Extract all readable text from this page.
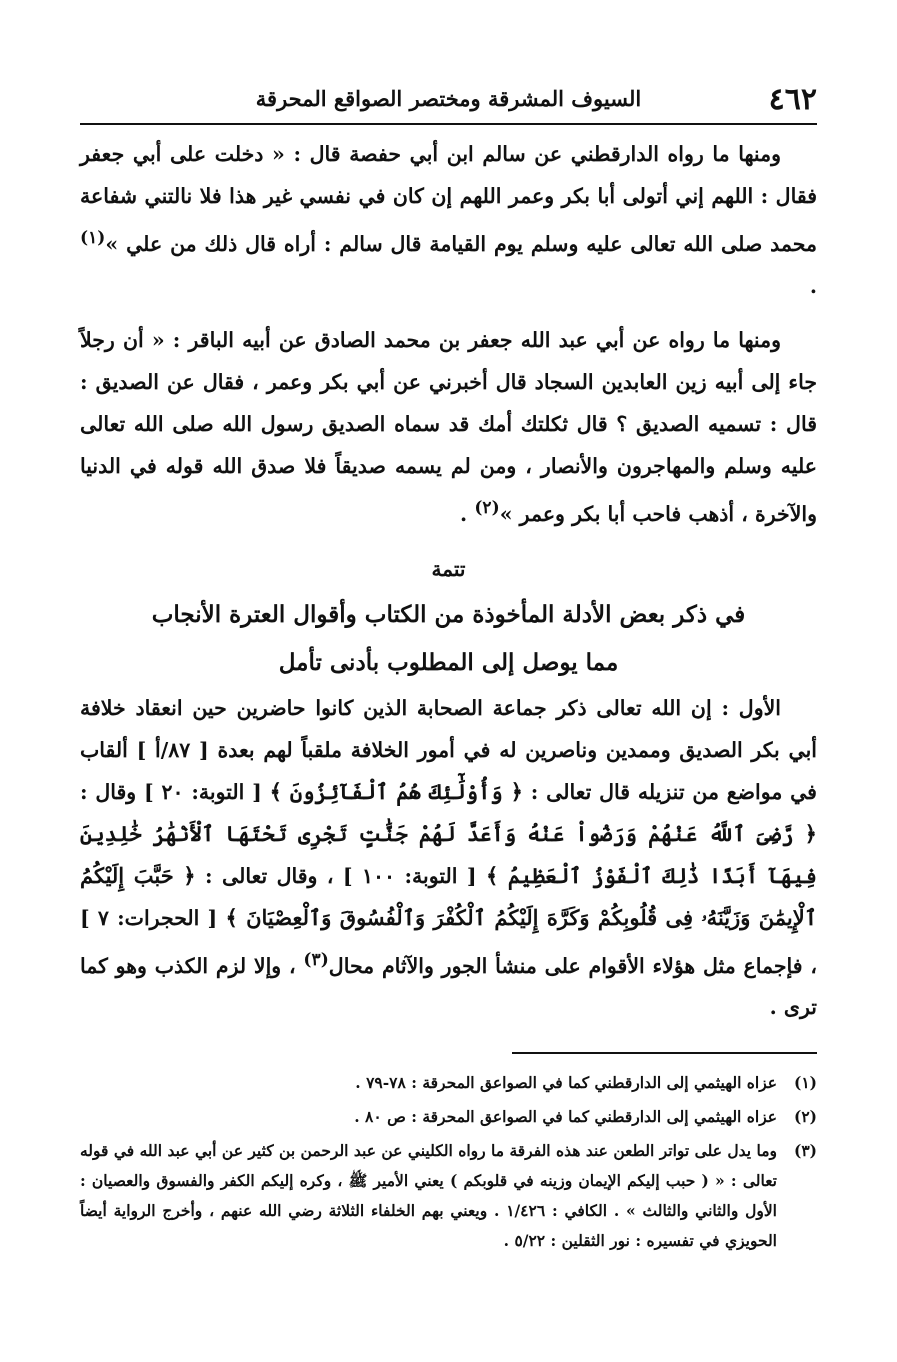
٤٦٢
السيوف المشرقة ومختصر الصواقع المحرقة

ومنها ما رواه الدارقطني عن سالم ابن أبي حفصة قال : « دخلت على أبي جعفر فقال : اللهم إني أتولى أبا بكر وعمر اللهم إن كان في نفسي غير هذا فلا نالتني شفاعة محمد صلى الله تعالى عليه وسلم يوم القيامة قال سالم : أراه قال ذلك من علي »$^{(١)}$ .

ومنها ما رواه عن أبي عبد الله جعفر بن محمد الصادق عن أبيه الباقر : « أن رجلاً جاء إلى أبيه زين العابدين السجاد قال أخبرني عن أبي بكر وعمر ، فقال عن الصديق : قال : تسميه الصديق ؟ قال ثكلتك أمك قد سماه الصديق رسول الله صلى الله تعالى عليه وسلم والمهاجرون والأنصار ، ومن لم يسمه صديقاً فلا صدق الله قوله في الدنيا والآخرة ، أذهب فاحب أبا بكر وعمر »$^{(٢)}$ .

تتمة
في ذكر بعض الأدلة المأخوذة من الكتاب وأقوال العترة الأنجاب
مما يوصل إلى المطلوب بأدنى تأمل

الأول : إن الله تعالى ذكر جماعة الصحابة الذين كانوا حاضرين حين انعقاد خلافة أبي بكر الصديق وممدين وناصرين له في أمور الخلافة ملقباً لهم بعدة [ ٨٧/أ ] ألقاب في مواضع من تنزيله قال تعالى : ﴿ وَأُوْلَٰٓئِكَ هُمُ ٱلْفَآئِزُونَ ﴾ [ التوبة: ٢٠ ] وقال : ﴿ رَّضِىَ ٱللَّهُ عَنْهُمْ وَرَضُواْ عَنْهُ وَأَعَدَّ لَهُمْ جَنَّٰتٍ تَجْرِى تَحْتَهَا ٱلْأَنْهَٰرُ خَٰلِدِينَ فِيهَآ أَبَدًا ذَٰلِكَ ٱلْفَوْزُ ٱلْعَظِيمُ ﴾ [ التوبة: ١٠٠ ] ، وقال تعالى : ﴿ حَبَّبَ إِلَيْكُمُ ٱلْإِيمَٰنَ وَزَيَّنَهُۥ فِى قُلُوبِكُمْ وَكَرَّهَ إِلَيْكُمُ ٱلْكُفْرَ وَٱلْفُسُوقَ وَٱلْعِصْيَانَ ﴾ [ الحجرات: ٧ ] ، فإجماع مثل هؤلاء الأقوام على منشأ الجور والآثام محال$^{(٣)}$ ، وإلا لزم الكذب وهو كما ترى .

(١)
عزاه الهيثمي إلى الدارقطني كما في الصواعق المحرقة : ٧٨-٧٩ .
(٢)
عزاه الهيثمي إلى الدارقطني كما في الصواعق المحرقة : ص ٨٠ .
(٣)
وما يدل على تواتر الطعن عند هذه الفرقة ما رواه الكليني عن عبد الرحمن بن كثير عن أبي عبد الله في قوله تعالى : « ( حبب إليكم الإيمان وزينه في قلوبكم ) يعني الأمير ﷺ ، وكره إليكم الكفر والفسوق والعصيان : الأول والثاني والثالث » . الكافي : ١/٤٢٦ . ويعني بهم الخلفاء الثلاثة رضي الله عنهم ، وأخرج الرواية أيضاً الحويزي في تفسيره : نور الثقلين : ٥/٢٢ .
